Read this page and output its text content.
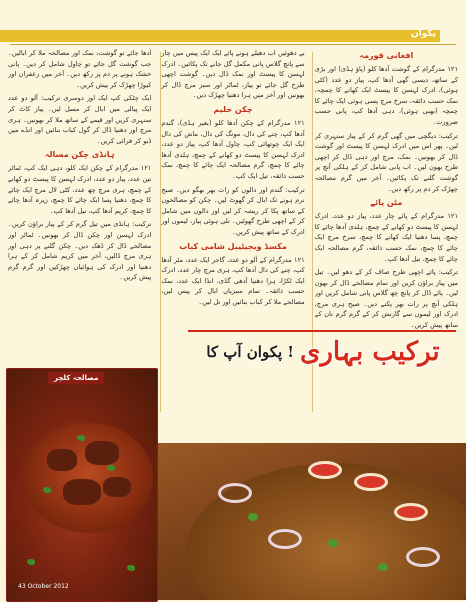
پکوان
افغانی قورمہ
۱۲۱ مدرگرام کے گوشت آدھا کلو (پاؤ ہڈی) اور بڑی کے ساتھ، دیسی گھی آدھا کپ، پیاز دو عدد (کٹی ہوئی)، ادرک لہسن کا پیسٹ ایک کھانے کا چمچہ، نمک حسب ذائقہ، سرخ مرچ پسی ہوئی ایک چائے کا چمچہ (بھنی ہوئی)، دہی آدھا کپ، پانی حسب ضرورت۔
ترکیب: دیگچی میں گھی گرم کر کے پیاز سنہری کر لیں۔ پھر اس میں ادرک لہسن کا پیسٹ اور گوشت ڈال کر بھونیں۔ نمک، مرچ اور دہی ڈال کر اچھی طرح بھون لیں۔ اب پانی شامل کر کے ہلکی آنچ پر گوشت گلنے تک پکائیں۔ آخر میں گرم مصالحہ چھڑک کر دم پر رکھ دیں۔
مٹن پائے
۱۲۱ مدرگرام کے پائے چار عدد، پیاز دو عدد، ادرک لہسن کا پیسٹ دو کھانے کے چمچ، ہلدی آدھا چائے کا چمچ، پسا دھنیا ایک کھانے کا چمچ، سرخ مرچ ایک چائے کا چمچ، نمک حسب ذائقہ، گرم مصالحہ ایک چائے کا چمچ، تیل آدھا کپ۔
ترکیب: پائے اچھی طرح صاف کر کے دھو لیں۔ تیل میں پیاز براؤن کریں اور تمام مصالحے ڈال کر بھون لیں۔ پائے ڈال کر پانچ چھ گلاس پانی شامل کریں اور ہلکی آنچ پر رات بھر پکنے دیں۔ صبح ہری مرچ، ادرک اور لیموں سے گارنش کر کے گرم گرم نان کے ساتھ پیش کریں۔
بے دھوئیں اب دھیلے ہونے پائے ایک ایک پیس میں چار سے پانچ گلاس پانی مکمل گل جانے تک پکائیں۔ ادرک لہسن کا پیسٹ اور نمک ڈال دیں۔ گوشت اچھی طرح گل جائے تو پیاز، ٹماٹر اور سبز مرچ ڈال کر بھونیں اور آخر میں ہرا دھنیا چھڑک دیں۔
چکن حلیم
۱۲۱ مدرگرام کے چکن آدھا کلو (بغیر ہڈی)، گندم آدھا کپ، چنے کی دال، مونگ کی دال، ماش کی دال ایک ایک چوتھائی کپ، چاول آدھا کپ، پیاز دو عدد، ادرک لہسن کا پیسٹ دو کھانے کے چمچ، ہلدی آدھا چائے کا چمچ، گرم مصالحہ ایک چائے کا چمچ، نمک حسب ذائقہ، تیل ایک کپ۔
ترکیب: گندم اور دالوں کو رات بھر بھگو دیں۔ صبح نرم ہونے تک ابال کر گھوٹ لیں۔ چکن کو مصالحوں کے ساتھ پکا کر ریشہ کر لیں اور دالوں میں شامل کر کے اچھی طرح گھوٹیں۔ تلی ہوئی پیاز، لیموں اور ادرک کے ساتھ پیش کریں۔
مکسڈ ویجیٹیبل شامی کباب
۱۲۱ مدرگرام کے آلو دو عدد، گاجر ایک عدد، مٹر آدھا کپ، چنے کی دال آدھا کپ، ہری مرچ چار عدد، ادرک ایک ٹکڑا، ہرا دھنیا آدھی گڈی، انڈا ایک عدد، نمک حسب ذائقہ۔ تمام سبزیاں ابال کر پیس لیں، مصالحے ملا کر کباب بنائیں اور تل لیں۔
آدھا جائے تو گوشت، نمک اور مصالحہ ملا کر ابالیں۔ جب گوشت گل جائے تو چاول شامل کر دیں۔ پانی خشک ہونے پر دم پر رکھ دیں۔ آخر میں زعفران اور کیوڑا چھڑک کر پیش کریں۔
ایک چٹکی کپ ایک اور دوسری ترکیب: آلو دو عدد ایک پیالی میں ابال کر مسل لیں۔ پیاز کاٹ کر سنہری کریں اور قیمے کے ساتھ ملا کر بھونیں۔ ہری مرچ اور دھنیا ڈال کر گول کباب بنائیں اور انڈے میں ڈبو کر فرائی کریں۔
ہانڈی چکن مسالہ
۱۲۱ مدرگرام کے چکن ایک کلو، دہی ایک کپ، ٹماٹر تین عدد، پیاز دو عدد، ادرک لہسن کا پیسٹ دو کھانے کے چمچ، ہری مرچ چھ عدد، کٹی لال مرچ ایک چائے کا چمچ، دھنیا پسا ایک چائے کا چمچ، زیرہ آدھا چائے کا چمچ، کریم آدھا کپ، تیل آدھا کپ۔
ترکیب: ہانڈی میں تیل گرم کر کے پیاز براؤن کریں۔ ادرک لہسن اور چکن ڈال کر بھونیں۔ ٹماٹر اور مصالحے ڈال کر ڈھک دیں۔ چکن گلنے پر دہی اور ہری مرچ ڈالیں، آخر میں کریم شامل کر کے ہرا دھنیا اور ادرک کی ہوائیاں چھڑکیں اور گرم گرم پیش کریں۔
مصالحہ کلچر
ترکیب بہاری
! پکوان آپ کا
43 October 2012
